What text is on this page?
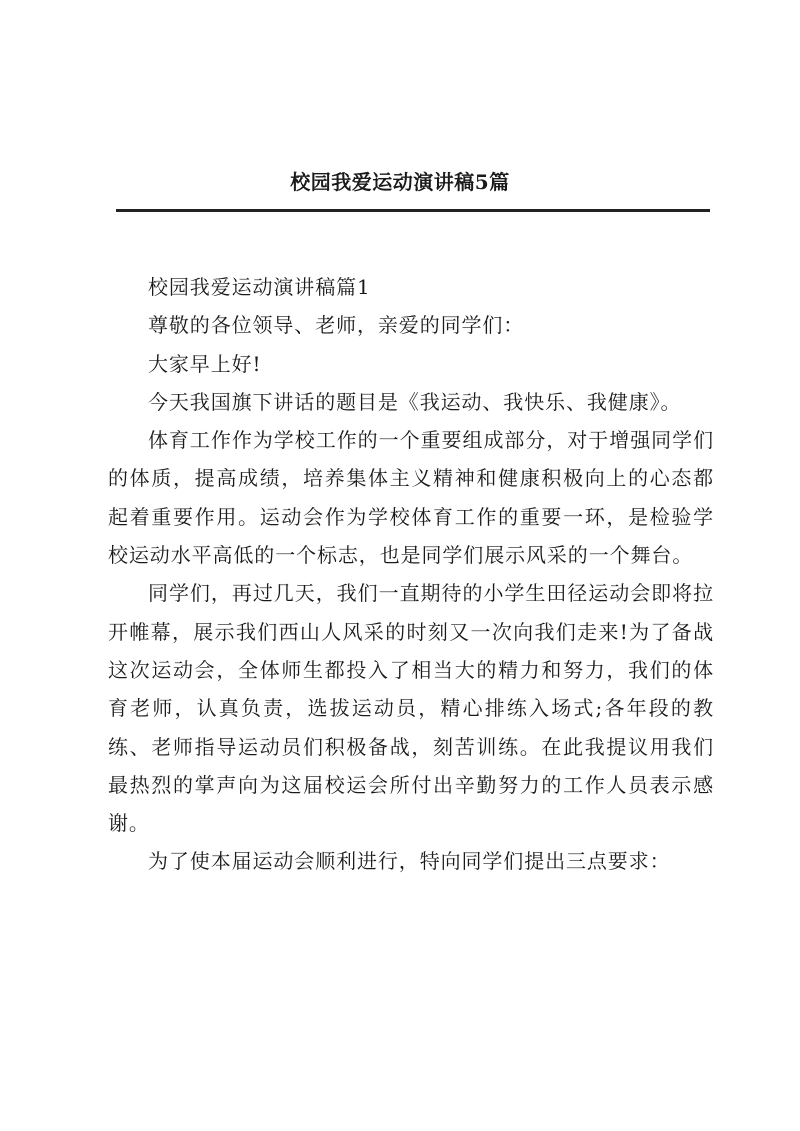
校园我爱运动演讲稿5篇

校园我爱运动演讲稿篇1

尊敬的各位领导、老师，亲爱的同学们：

大家早上好!

今天我国旗下讲话的题目是《我运动、我快乐、我健康》。

体育工作作为学校工作的一个重要组成部分，对于增强同学们的体质，提高成绩，培养集体主义精神和健康积极向上的心态都起着重要作用。运动会作为学校体育工作的重要一环，是检验学校运动水平高低的一个标志，也是同学们展示风采的一个舞台。

同学们，再过几天，我们一直期待的小学生田径运动会即将拉开帷幕，展示我们西山人风采的时刻又一次向我们走来!为了备战这次运动会，全体师生都投入了相当大的精力和努力，我们的体育老师，认真负责，选拔运动员，精心排练入场式;各年段的教练、老师指导运动员们积极备战，刻苦训练。在此我提议用我们最热烈的掌声向为这届校运会所付出辛勤努力的工作人员表示感谢。

为了使本届运动会顺利进行，特向同学们提出三点要求：
